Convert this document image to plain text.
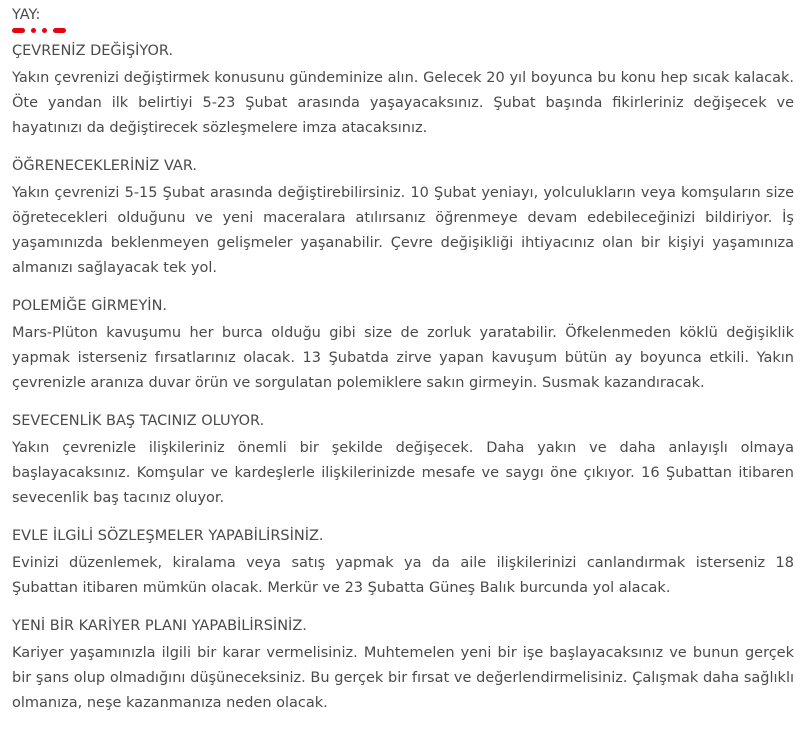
YAY:
ÇEVRENİZ DEĞİŞİYOR.

Yakın çevrenizi değiştirmek konusunu gündeminize alın. Gelecek 20 yıl boyunca bu konu hep sıcak kalacak. Öte yandan ilk belirtiyi 5-23 Şubat arasında yaşayacaksınız. Şubat başında fikirleriniz değişecek ve hayatınızı da değiştirecek sözleşmelere imza atacaksınız.

ÖĞRENECEKLERİNİZ VAR.

Yakın çevrenizi 5-15 Şubat arasında değiştirebilirsiniz. 10 Şubat yeniayı, yolculukların veya komşuların size öğretecekleri olduğunu ve yeni maceralara atılırsanız öğrenmeye devam edebileceğinizi bildiriyor. İş yaşamınızda beklenmeyen gelişmeler yaşanabilir. Çevre değişikliği ihtiyacınız olan bir kişiyi yaşamınıza almanızı sağlayacak tek yol.

POLEMİĞE GİRMEYİN.

Mars-Plüton kavuşumu her burca olduğu gibi size de zorluk yaratabilir. Öfkelenmeden köklü değişiklik yapmak isterseniz fırsatlarınız olacak. 13 Şubatda zirve yapan kavuşum bütün ay boyunca etkili. Yakın çevrenizle aranıza duvar örün ve sorgulatan polemiklere sakın girmeyin. Susmak kazandıracak.

SEVECENLİK BAŞ TACINIZ OLUYOR.

Yakın çevrenizle ilişkileriniz önemli bir şekilde değişecek. Daha yakın ve daha anlayışlı olmaya başlayacaksınız. Komşular ve kardeşlerle ilişkilerinizde mesafe ve saygı öne çıkıyor. 16 Şubattan itibaren sevecenlik baş tacınız oluyor.

EVLE İLGİLİ SÖZLEŞMELER YAPABİLİRSİNİZ.

Evinizi düzenlemek, kiralama veya satış yapmak ya da aile ilişkilerinizi canlandırmak isterseniz 18 Şubattan itibaren mümkün olacak. Merkür ve 23 Şubatta Güneş Balık burcunda yol alacak.

YENİ BİR KARİYER PLANI YAPABİLİRSİNİZ.

Kariyer yaşamınızla ilgili bir karar vermelisiniz. Muhtemelen yeni bir işe başlayacaksınız ve bunun gerçek bir şans olup olmadığını düşüneceksiniz. Bu gerçek bir fırsat ve değerlendirmelisiniz. Çalışmak daha sağlıklı olmanıza, neşe kazanmanıza neden olacak.
